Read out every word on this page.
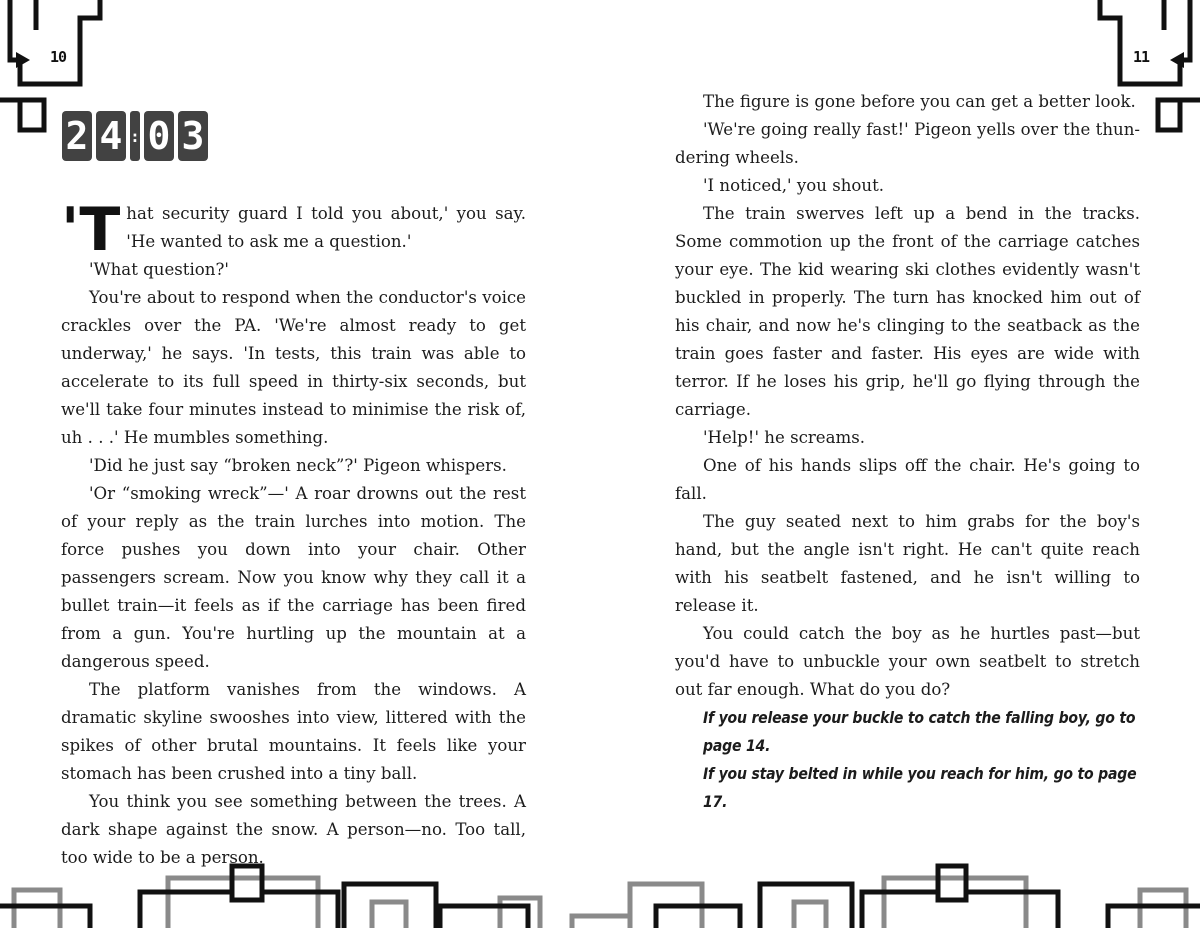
10	11
2 4 : 0 3

'That security guard I told you about,' you say. 'He wanted to ask me a question.'

'What question?'

You're about to respond when the conductor's voice crackles over the PA. 'We're almost ready to get underway,' he says. 'In tests, this train was able to accelerate to its full speed in thirty-six seconds, but we'll take four minutes instead to minimise the risk of, uh . . .' He mumbles something.

'Did he just say “broken neck”?' Pigeon whispers.

'Or “smoking wreck”—' A roar drowns out the rest of your reply as the train lurches into motion. The force pushes you down into your chair. Other passengers scream. Now you know why they call it a bullet train—it feels as if the carriage has been fired from a gun. You're hurtling up the mountain at a dangerous speed.

The platform vanishes from the windows. A dramatic skyline swooshes into view, littered with the spikes of other brutal mountains. It feels like your stomach has been crushed into a tiny ball.

You think you see something between the trees. A dark shape against the snow. A person—no. Too tall, too wide to be a person.

The figure is gone before you can get a better look.

'We're going really fast!' Pigeon yells over the thundering wheels.

'I noticed,' you shout.

The train swerves left up a bend in the tracks. Some commotion up the front of the carriage catches your eye. The kid wearing ski clothes evidently wasn't buckled in properly. The turn has knocked him out of his chair, and now he's clinging to the seatback as the train goes faster and faster. His eyes are wide with terror. If he loses his grip, he'll go flying through the carriage.

'Help!' he screams.

One of his hands slips off the chair. He's going to fall.

The guy seated next to him grabs for the boy's hand, but the angle isn't right. He can't quite reach with his seatbelt fastened, and he isn't willing to release it.

You could catch the boy as he hurtles past—but you'd have to unbuckle your own seatbelt to stretch out far enough. What do you do?

If you release your buckle to catch the falling boy, go to page 14.

If you stay belted in while you reach for him, go to page 17.
